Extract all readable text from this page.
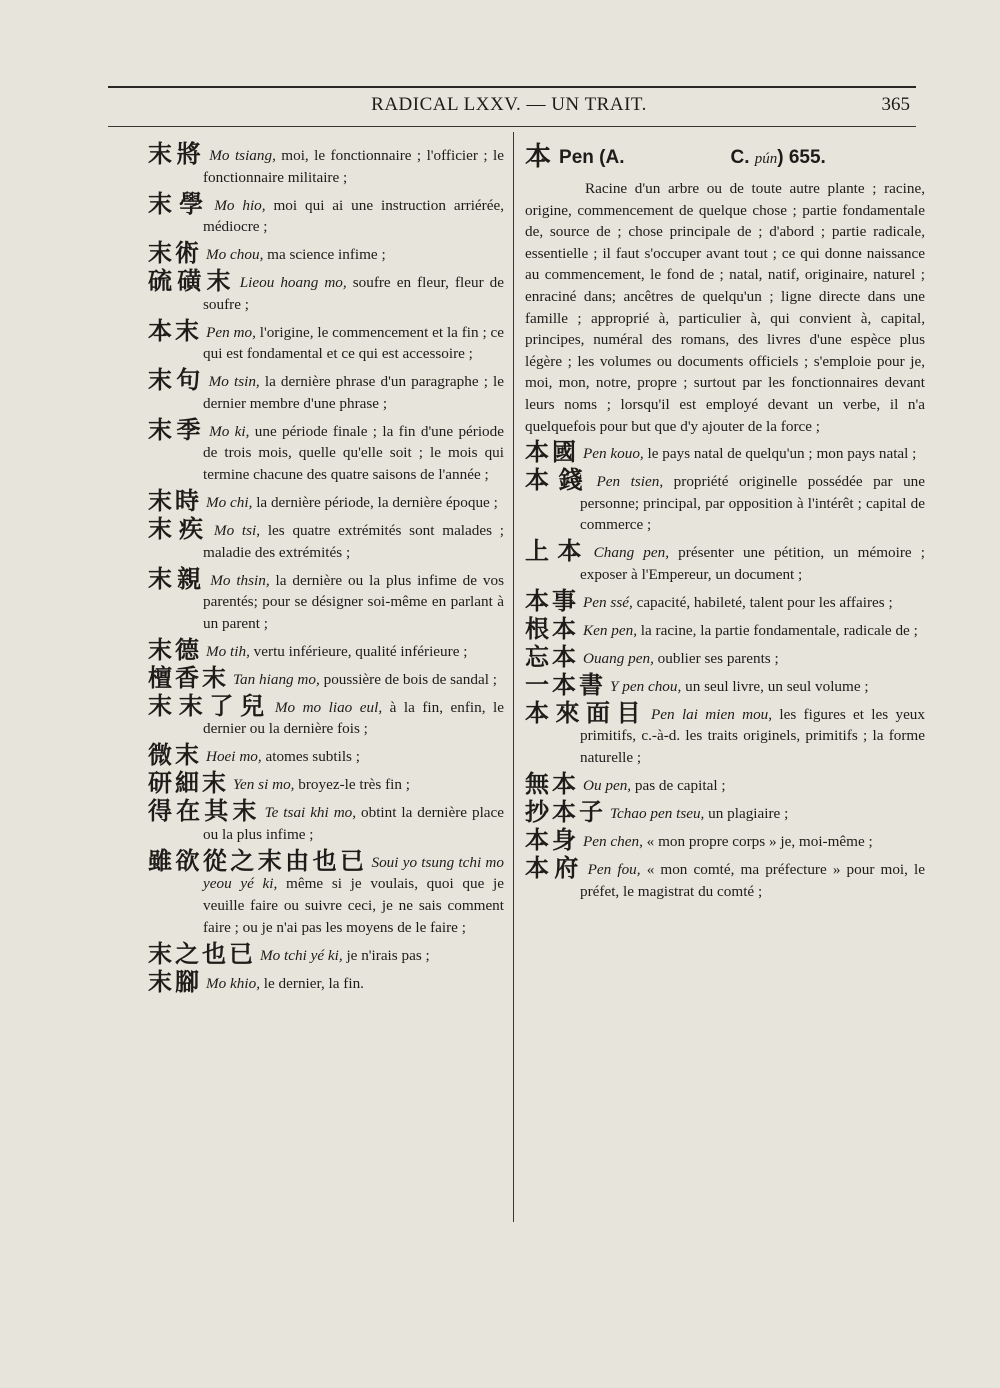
RADICAL LXXV. — UN TRAIT.	365
末將 Mo tsiang, moi, le fonctionnaire ; l'officier ; le fonctionnaire militaire ;
末學 Mo hio, moi qui ai une instruction arriérée, médiocre ;
末術 Mo chou, ma science infime ;
硫磺末 Lieou hoang mo, soufre en fleur, fleur de soufre ;
本末 Pen mo, l'origine, le commencement et la fin ; ce qui est fondamental et ce qui est accessoire ;
末句 Mo tsin, la dernière phrase d'un paragraphe ; le dernier membre d'une phrase ;
末季 Mo ki, une période finale ; la fin d'une période de trois mois, quelle qu'elle soit ; le mois qui termine chacune des quatre saisons de l'année ;
末時 Mo chi, la dernière période, la dernière époque ;
末疾 Mo tsi, les quatre extrémités sont malades ; maladie des extrémités ;
末親 Mo thsin, la dernière ou la plus infime de vos parentés; pour se désigner soi-même en parlant à un parent ;
末德 Mo tih, vertu inférieure, qualité inférieure ;
檀香末 Tan hiang mo, poussière de bois de sandal ;
末末了兒 Mo mo liao eul, à la fin, enfin, le dernier ou la dernière fois ;
微末 Hoei mo, atomes subtils ;
研細末 Yen si mo, broyez-le très fin ;
得在其末 Te tsai khi mo, obtint la dernière place ou la plus infime ;
雖欲從之末由也已 Soui yo tsung tchi mo yeou yé ki, même si je voulais, quoi que je veuille faire ou suivre ceci, je ne sais comment faire ; ou je n'ai pas les moyens de le faire ;
末之也已 Mo tchi yé ki, je n'irais pas ;
末腳 Mo khio, le dernier, la fin.
本 Pen (A.	C. pún) 655.

Racine d'un arbre ou de toute autre plante ; racine, origine, commencement de quelque chose ; partie fondamentale de, source de ; chose principale de ; d'abord ; partie radicale, essentielle ; il faut s'occuper avant tout ; ce qui donne naissance au commencement, le fond de ; natal, natif, originaire, naturel ; enraciné dans; ancêtres de quelqu'un ; ligne directe dans une famille ; approprié à, particulier à, qui convient à, capital, principes, numéral des romans, des livres d'une espèce plus légère ; les volumes ou documents officiels ; s'emploie pour je, moi, mon, notre, propre ; surtout par les fonctionnaires devant leurs noms ; lorsqu'il est employé devant un verbe, il n'a quelquefois pour but que d'y ajouter de la force ;

本國 Pen kouo, le pays natal de quelqu'un ; mon pays natal ;
本錢 Pen tsien, propriété originelle possédée par une personne; principal, par opposition à l'intérêt ; capital de commerce ;
上本 Chang pen, présenter une pétition, un mémoire ; exposer à l'Empereur, un document ;
本事 Pen ssé, capacité, habileté, talent pour les affaires ;
根本 Ken pen, la racine, la partie fondamentale, radicale de ;
忘本 Ouang pen, oublier ses parents ;
一本書 Y pen chou, un seul livre, un seul volume ;
本來面目 Pen lai mien mou, les figures et les yeux primitifs, c.-à-d. les traits originels, primitifs ; la forme naturelle ;
無本 Ou pen, pas de capital ;
抄本子 Tchao pen tseu, un plagiaire ;
本身 Pen chen, « mon propre corps » je, moi-même ;
本府 Pen fou, « mon comté, ma préfecture » pour moi, le préfet, le magistrat du comté ;
